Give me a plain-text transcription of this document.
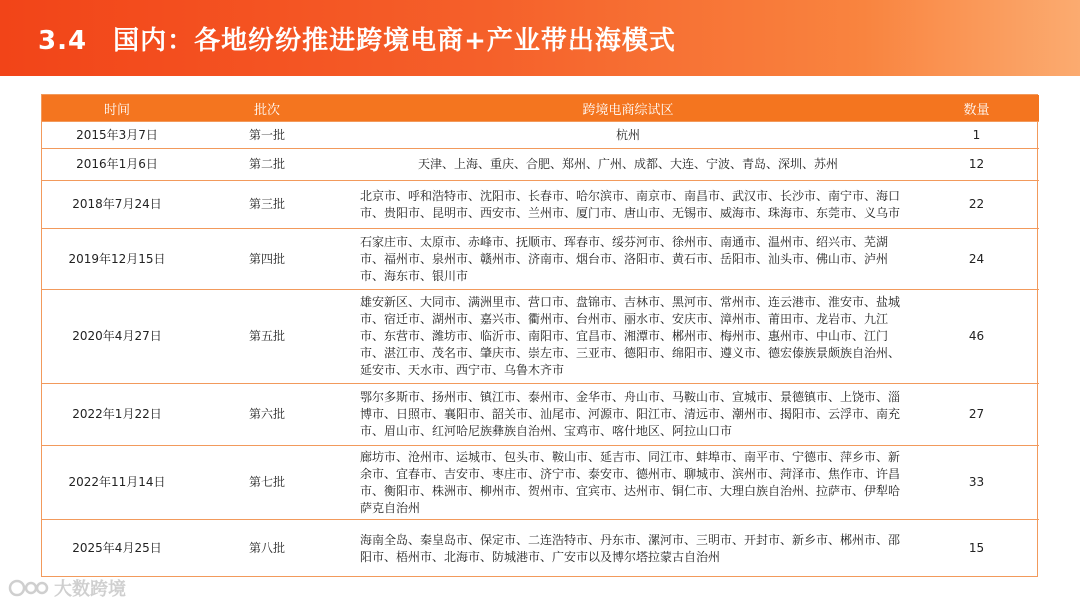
3.4 国内：各地纷纷推进跨境电商+产业带出海模式
时间	批次	跨境电商综试区	数量
2015年3月7日	第一批	杭州	1
2016年1月6日	第二批	天津、上海、重庆、合肥、郑州、广州、成都、大连、宁波、青岛、深圳、苏州	12
2018年7月24日	第三批	北京市、呼和浩特市、沈阳市、长春市、哈尔滨市、南京市、南昌市、武汉市、长沙市、南宁市、海口市、贵阳市、昆明市、西安市、兰州市、厦门市、唐山市、无锡市、威海市、珠海市、东莞市、义乌市	22
2019年12月15日	第四批	石家庄市、太原市、赤峰市、抚顺市、珲春市、绥芬河市、徐州市、南通市、温州市、绍兴市、芜湖市、福州市、泉州市、赣州市、济南市、烟台市、洛阳市、黄石市、岳阳市、汕头市、佛山市、泸州市、海东市、银川市	24
2020年4月27日	第五批	雄安新区、大同市、满洲里市、营口市、盘锦市、吉林市、黑河市、常州市、连云港市、淮安市、盐城市、宿迁市、湖州市、嘉兴市、衢州市、台州市、丽水市、安庆市、漳州市、莆田市、龙岩市、九江市、东营市、潍坊市、临沂市、南阳市、宜昌市、湘潭市、郴州市、梅州市、惠州市、中山市、江门市、湛江市、茂名市、肇庆市、崇左市、三亚市、德阳市、绵阳市、遵义市、德宏傣族景颇族自治州、延安市、天水市、西宁市、乌鲁木齐市	46
2022年1月22日	第六批	鄂尔多斯市、扬州市、镇江市、泰州市、金华市、舟山市、马鞍山市、宣城市、景德镇市、上饶市、淄博市、日照市、襄阳市、韶关市、汕尾市、河源市、阳江市、清远市、潮州市、揭阳市、云浮市、南充市、眉山市、红河哈尼族彝族自治州、宝鸡市、喀什地区、阿拉山口市	27
2022年11月14日	第七批	廊坊市、沧州市、运城市、包头市、鞍山市、延吉市、同江市、蚌埠市、南平市、宁德市、萍乡市、新余市、宜春市、吉安市、枣庄市、济宁市、泰安市、德州市、聊城市、滨州市、菏泽市、焦作市、许昌市、衡阳市、株洲市、柳州市、贺州市、宜宾市、达州市、铜仁市、大理白族自治州、拉萨市、伊犁哈萨克自治州	33
2025年4月25日	第八批	海南全岛、秦皇岛市、保定市、二连浩特市、丹东市、漯河市、三明市、开封市、新乡市、郴州市、邵阳市、梧州市、北海市、防城港市、广安市以及博尔塔拉蒙古自治州	15
大数跨境
